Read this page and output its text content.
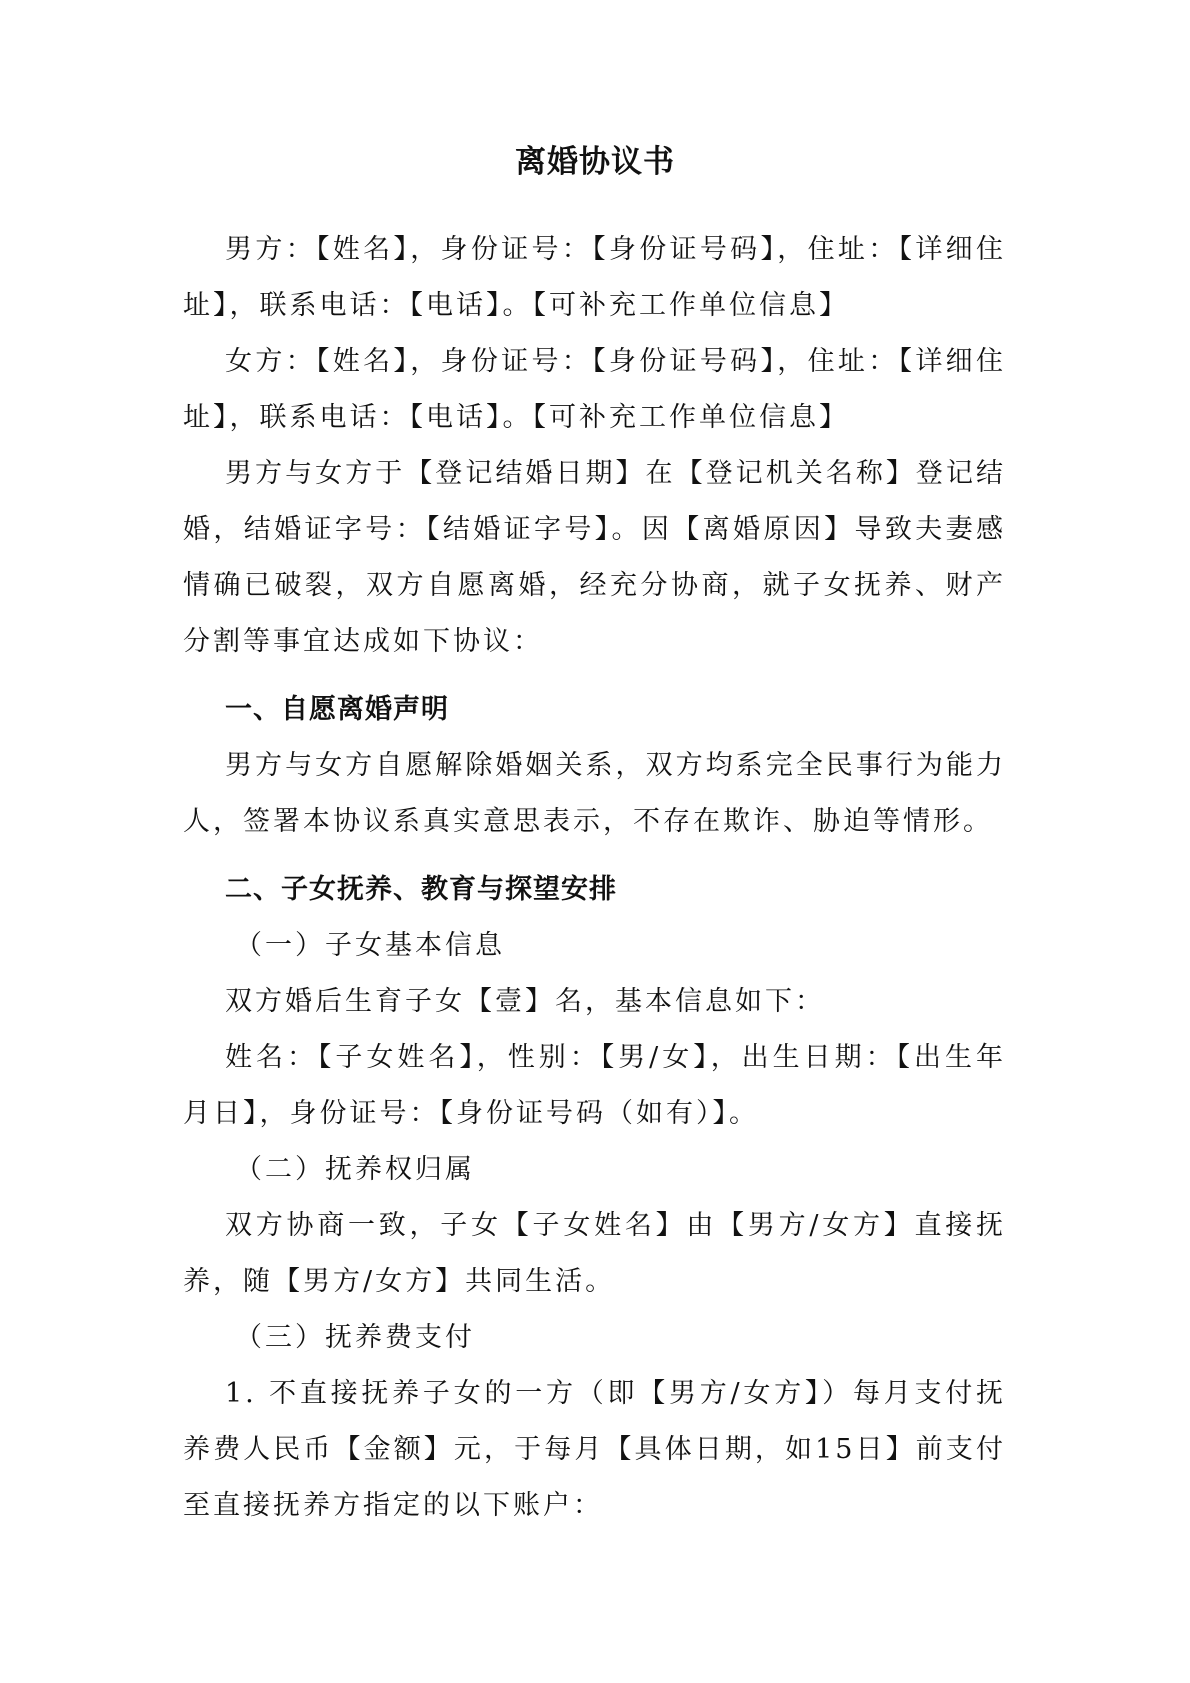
离婚协议书

男方：【姓名】，身份证号：【身份证号码】，住址：【详细住址】，联系电话：【电话】。【可补充工作单位信息】

女方：【姓名】，身份证号：【身份证号码】，住址：【详细住址】，联系电话：【电话】。【可补充工作单位信息】

男方与女方于【登记结婚日期】在【登记机关名称】登记结婚，结婚证字号：【结婚证字号】。因【离婚原因】导致夫妻感情确已破裂，双方自愿离婚，经充分协商，就子女抚养、财产分割等事宜达成如下协议：

一、自愿离婚声明

男方与女方自愿解除婚姻关系，双方均系完全民事行为能力人，签署本协议系真实意思表示，不存在欺诈、胁迫等情形。

二、子女抚养、教育与探望安排

（一）子女基本信息

双方婚后生育子女【壹】名，基本信息如下：

姓名：【子女姓名】，性别：【男/女】，出生日期：【出生年月日】，身份证号：【身份证号码（如有）】。

（二）抚养权归属

双方协商一致，子女【子女姓名】由【男方/女方】直接抚养，随【男方/女方】共同生活。

（三）抚养费支付

1. 不直接抚养子女的一方（即【男方/女方】）每月支付抚养费人民币【金额】元，于每月【具体日期，如15日】前支付至直接抚养方指定的以下账户：
